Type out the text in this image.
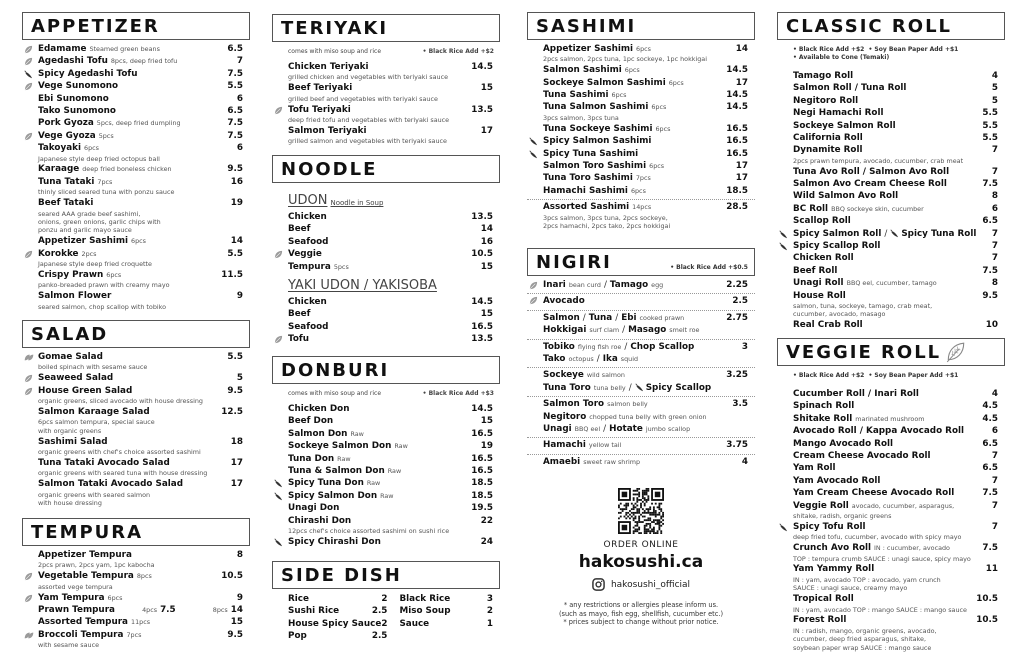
APPETIZER
Edamame Steamed green beans	6.5
Agedashi Tofu 8pcs, deep fried tofu	7
Spicy Agedashi Tofu	7.5
Vege Sunomono	5.5
Ebi Sunomono	6
Tako Sunomono	6.5
Pork Gyoza 5pcs, deep fried dumpling	7.5
Vege Gyoza 5pcs	7.5
Takoyaki 6pcs	6
Japanese style deep fried octopus ball
Karaage deep fried boneless chicken	9.5
Tuna Tataki 7pcs	16
thinly sliced seared tuna with ponzu sauce
Beef Tataki	19
seared AAA grade beef sashimi,
onions, green onions, garlic chips with
ponzu and garlic mayo sauce
Appetizer Sashimi 6pcs	14
Korokke 2pcs	5.5
Japanese style deep fried croquette
Crispy Prawn 6pcs	11.5
panko-breaded prawn with creamy mayo
Salmon Flower	9
seared salmon, chop scallop with tobiko
SALAD
Gomae Salad	5.5
boiled spinach with sesame sauce
Seaweed Salad	5
House Green Salad	9.5
organic greens, sliced avocado with house dressing
Salmon Karaage Salad	12.5
6pcs salmon tempura, special sauce
with organic greens
Sashimi Salad	18
organic greens with chef's choice assorted sashimi
Tuna Tataki Avocado Salad	17
organic greens with seared tuna with house dressing
Salmon Tataki Avocado Salad	17
organic greens with seared salmon
with house dressing
TEMPURA
Appetizer Tempura	8
2pcs prawn, 2pcs yam, 1pc kabocha
Vegetable Tempura 8pcs	10.5
assorted vege tempura
Yam Tempura 6pcs	9
Prawn Tempura	4pcs 7.5	8pcs 14
Assorted Tempura 11pcs	15
Broccoli Tempura 7pcs	9.5
with sesame sauce
TERIYAKI
comes with miso soup and rice	• Black Rice Add +$2
Chicken Teriyaki	14.5
grilled chicken and vegetables with teriyaki sauce
Beef Teriyaki	15
grilled beef and vegetables with teriyaki sauce
Tofu Teriyaki	13.5
deep fried tofu and vegetables with teriyaki sauce
Salmon Teriyaki	17
grilled salmon and vegetables with teriyaki sauce
NOODLE
UDON Noodle in Soup
Chicken	13.5
Beef	14
Seafood	16
Veggie	10.5
Tempura 5pcs	15
YAKI UDON / YAKISOBA
Chicken	14.5
Beef	15
Seafood	16.5
Tofu	13.5
DONBURI
comes with miso soup and rice	• Black Rice Add +$3
Chicken Don	14.5
Beef Don	15
Salmon Don Raw	16.5
Sockeye Salmon Don Raw	19
Tuna Don Raw	16.5
Tuna & Salmon Don Raw	16.5
Spicy Tuna Don Raw	18.5
Spicy Salmon Don Raw	18.5
Unagi Don	19.5
Chirashi Don	22
12pcs chef's choice assorted sashimi on sushi rice
Spicy Chirashi Don	24
SIDE DISH
Rice	2
Sushi Rice	2.5
House Spicy Sauce 2
Pop	2.5
Black Rice	3
Miso Soup	2
Sauce	1
SASHIMI
Appetizer Sashimi 6pcs	14
2pcs salmon, 2pcs tuna, 1pc sockeye, 1pc hokkigai
Salmon Sashimi 6pcs	14.5
Sockeye Salmon Sashimi 6pcs	17
Tuna Sashimi 6pcs	14.5
Tuna Salmon Sashimi 6pcs	14.5
3pcs salmon, 3pcs tuna
Tuna Sockeye Sashimi 6pcs	16.5
Spicy Salmon Sashimi	16.5
Spicy Tuna Sashimi	16.5
Salmon Toro Sashimi 6pcs	17
Tuna Toro Sashimi 7pcs	17
Hamachi Sashimi 6pcs	18.5
Assorted Sashimi 14pcs	28.5
3pcs salmon, 3pcs tuna, 2pcs sockeye,
2pcs hamachi, 2pcs tako, 2pcs hokkigai
NIGIRI	• Black Rice Add +$0.5
Inari bean curd / Tamago egg	2.25
Avocado	2.5
Salmon / Tuna / Ebi cooked prawn	2.75
Hokkigai surf clam / Masago smelt roe
Tobiko flying fish roe / Chop Scallop	3
Tako octopus / Ika squid
Sockeye wild salmon	3.25
Tuna Toro tuna belly / Spicy Scallop
Salmon Toro salmon belly	3.5
Negitoro chopped tuna belly with green onion
Unagi BBQ eel / Hotate jumbo scallop
Hamachi yellow tail	3.75
Amaebi sweet raw shrimp	4
CLASSIC ROLL
• Black Rice Add +$2  • Soy Bean Paper Add +$1
• Available to Cone (Temaki)
Tamago Roll	4
Salmon Roll / Tuna Roll	5
Negitoro Roll	5
Negi Hamachi Roll	5.5
Sockeye Salmon Roll	5.5
California Roll	5.5
Dynamite Roll	7
2pcs prawn tempura, avocado, cucumber, crab meat
Tuna Avo Roll / Salmon Avo Roll	7
Salmon Avo Cream Cheese Roll	7.5
Wild Salmon Avo Roll	8
BC Roll BBQ sockeye skin, cucumber	6
Scallop Roll	6.5
Spicy Salmon Roll / Spicy Tuna Roll 7
Spicy Scallop Roll	7
Chicken Roll	7
Beef Roll	7.5
Unagi Roll BBQ eel, cucumber, tamago	8
House Roll	9.5
salmon, tuna, sockeye, tamago, crab meat,
cucumber, avocado, masago
Real Crab Roll	10
VEGGIE ROLL
• Black Rice Add +$2  • Soy Bean Paper Add +$1
Cucumber Roll / Inari Roll	4
Spinach Roll	4.5
Shitake Roll marinated mushroom	4.5
Avocado Roll / Kappa Avocado Roll	6
Mango Avocado Roll	6.5
Cream Cheese Avocado Roll	7
Yam Roll	6.5
Yam Avocado Roll	7
Yam Cream Cheese Avocado Roll	7.5
Veggie Roll avocado, cucumber, asparagus,	7
shitake, radish, organic greens
Spicy Tofu Roll	7
deep fried tofu, cucumber, avocado with spicy mayo
Crunch Avo Roll IN : cucumber, avocado	7.5
TOP : tempura crumb SAUCE : unagi sauce, spicy mayo
Yam Yammy Roll	11
IN : yam, avocado TOP : avocado, yam crunch
SAUCE : unagi sauce, creamy mayo
Tropical Roll	10.5
IN : yam, avocado TOP : mango SAUCE : mango sauce
Forest Roll	10.5
IN : radish, mango, organic greens, avocado,
cucumber, deep fried asparagus, shitake,
soybean paper wrap SAUCE : mango sauce
ORDER ONLINE
hakosushi.ca
hakosushi_official
* any restrictions or allergies please inform us.
(such as mayo, fish egg, shellfish, cucumber etc.)
* prices subject to change without prior notice.
